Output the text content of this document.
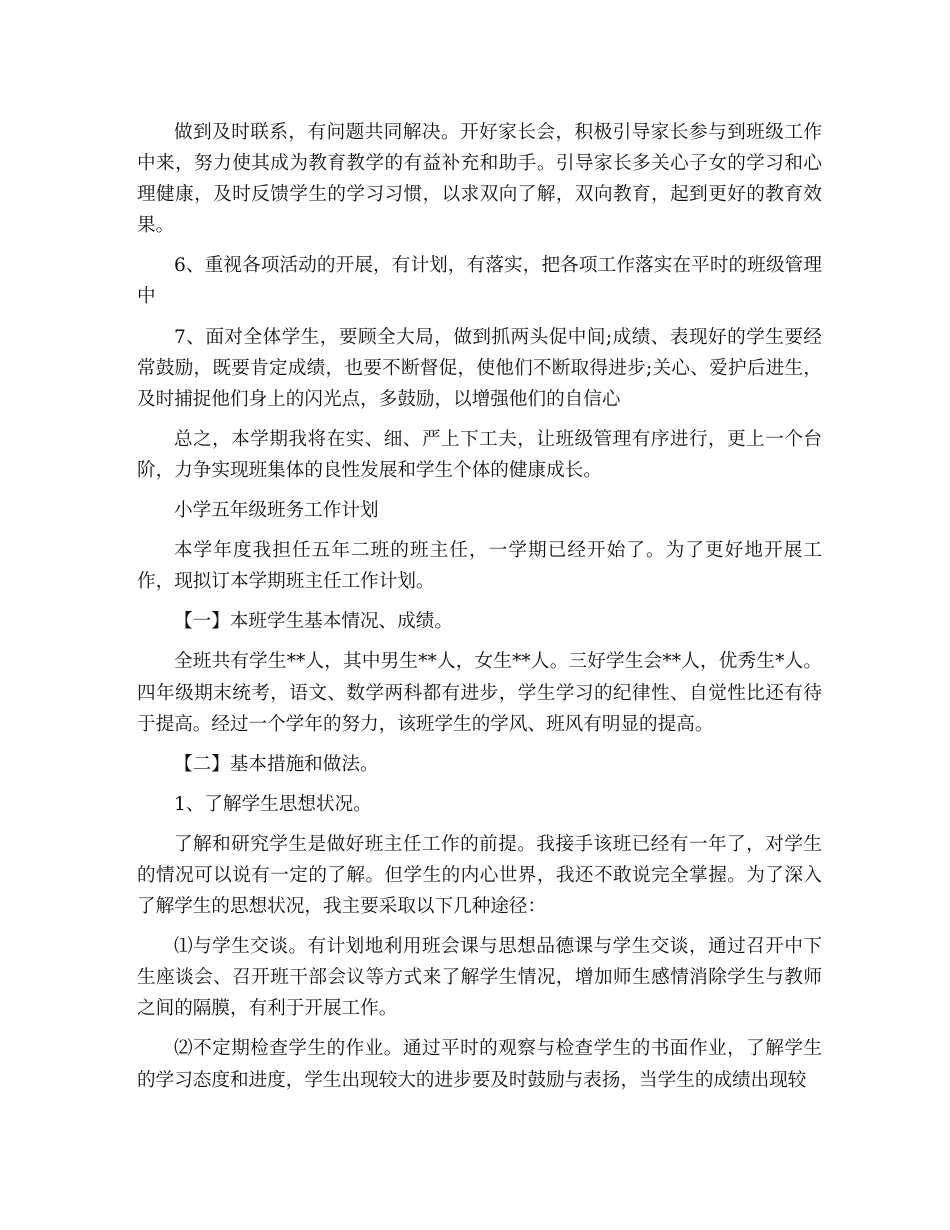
做到及时联系，有问题共同解决。开好家长会，积极引导家长参与到班级工作中来，努力使其成为教育教学的有益补充和助手。引导家长多关心子女的学习和心理健康，及时反馈学生的学习习惯，以求双向了解，双向教育，起到更好的教育效果。

6、重视各项活动的开展，有计划，有落实，把各项工作落实在平时的班级管理中

7、面对全体学生，要顾全大局，做到抓两头促中间;成绩、表现好的学生要经常鼓励，既要肯定成绩，也要不断督促，使他们不断取得进步;关心、爱护后进生，及时捕捉他们身上的闪光点，多鼓励，以增强他们的自信心

总之，本学期我将在实、细、严上下工夫，让班级管理有序进行，更上一个台阶，力争实现班集体的良性发展和学生个体的健康成长。

小学五年级班务工作计划

本学年度我担任五年二班的班主任，一学期已经开始了。为了更好地开展工作，现拟订本学期班主任工作计划。

【一】本班学生基本情况、成绩。

全班共有学生**人，其中男生**人，女生**人。三好学生会**人，优秀生*人。四年级期末统考，语文、数学两科都有进步，学生学习的纪律性、自觉性比还有待于提高。经过一个学年的努力，该班学生的学风、班风有明显的提高。

【二】基本措施和做法。

1、了解学生思想状况。

了解和研究学生是做好班主任工作的前提。我接手该班已经有一年了，对学生的情况可以说有一定的了解。但学生的内心世界，我还不敢说完全掌握。为了深入了解学生的思想状况，我主要采取以下几种途径：

⑴与学生交谈。有计划地利用班会课与思想品德课与学生交谈，通过召开中下生座谈会、召开班干部会议等方式来了解学生情况，增加师生感情消除学生与教师之间的隔膜，有利于开展工作。

⑵不定期检查学生的作业。通过平时的观察与检查学生的书面作业，了解学生的学习态度和进度，学生出现较大的进步要及时鼓励与表扬，当学生的成绩出现较
